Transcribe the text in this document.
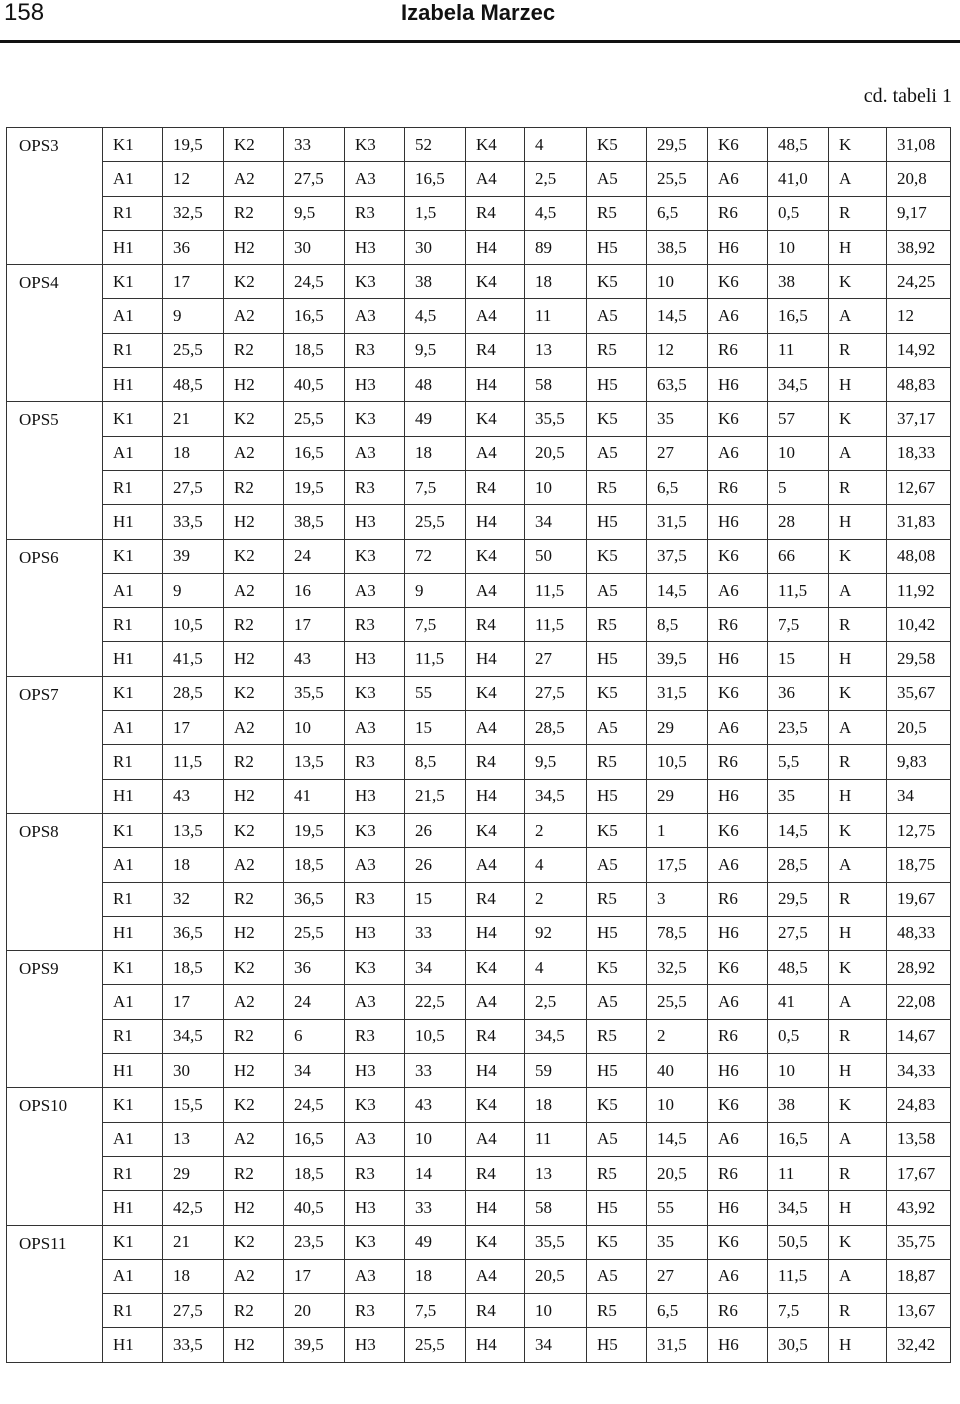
158	Izabela Marzec
cd. tabeli 1
OPS3	K1	19,5	K2	33	K3	52	K4	4	K5	29,5	K6	48,5	K	31,08
	A1	12	A2	27,5	A3	16,5	A4	2,5	A5	25,5	A6	41,0	A	20,8
	R1	32,5	R2	9,5	R3	1,5	R4	4,5	R5	6,5	R6	0,5	R	9,17
	H1	36	H2	30	H3	30	H4	89	H5	38,5	H6	10	H	38,92
OPS4	K1	17	K2	24,5	K3	38	K4	18	K5	10	K6	38	K	24,25
	A1	9	A2	16,5	A3	4,5	A4	11	A5	14,5	A6	16,5	A	12
	R1	25,5	R2	18,5	R3	9,5	R4	13	R5	12	R6	11	R	14,92
	H1	48,5	H2	40,5	H3	48	H4	58	H5	63,5	H6	34,5	H	48,83
OPS5	K1	21	K2	25,5	K3	49	K4	35,5	K5	35	K6	57	K	37,17
	A1	18	A2	16,5	A3	18	A4	20,5	A5	27	A6	10	A	18,33
	R1	27,5	R2	19,5	R3	7,5	R4	10	R5	6,5	R6	5	R	12,67
	H1	33,5	H2	38,5	H3	25,5	H4	34	H5	31,5	H6	28	H	31,83
OPS6	K1	39	K2	24	K3	72	K4	50	K5	37,5	K6	66	K	48,08
	A1	9	A2	16	A3	9	A4	11,5	A5	14,5	A6	11,5	A	11,92
	R1	10,5	R2	17	R3	7,5	R4	11,5	R5	8,5	R6	7,5	R	10,42
	H1	41,5	H2	43	H3	11,5	H4	27	H5	39,5	H6	15	H	29,58
OPS7	K1	28,5	K2	35,5	K3	55	K4	27,5	K5	31,5	K6	36	K	35,67
	A1	17	A2	10	A3	15	A4	28,5	A5	29	A6	23,5	A	20,5
	R1	11,5	R2	13,5	R3	8,5	R4	9,5	R5	10,5	R6	5,5	R	9,83
	H1	43	H2	41	H3	21,5	H4	34,5	H5	29	H6	35	H	34
OPS8	K1	13,5	K2	19,5	K3	26	K4	2	K5	1	K6	14,5	K	12,75
	A1	18	A2	18,5	A3	26	A4	4	A5	17,5	A6	28,5	A	18,75
	R1	32	R2	36,5	R3	15	R4	2	R5	3	R6	29,5	R	19,67
	H1	36,5	H2	25,5	H3	33	H4	92	H5	78,5	H6	27,5	H	48,33
OPS9	K1	18,5	K2	36	K3	34	K4	4	K5	32,5	K6	48,5	K	28,92
	A1	17	A2	24	A3	22,5	A4	2,5	A5	25,5	A6	41	A	22,08
	R1	34,5	R2	6	R3	10,5	R4	34,5	R5	2	R6	0,5	R	14,67
	H1	30	H2	34	H3	33	H4	59	H5	40	H6	10	H	34,33
OPS10	K1	15,5	K2	24,5	K3	43	K4	18	K5	10	K6	38	K	24,83
	A1	13	A2	16,5	A3	10	A4	11	A5	14,5	A6	16,5	A	13,58
	R1	29	R2	18,5	R3	14	R4	13	R5	20,5	R6	11	R	17,67
	H1	42,5	H2	40,5	H3	33	H4	58	H5	55	H6	34,5	H	43,92
OPS11	K1	21	K2	23,5	K3	49	K4	35,5	K5	35	K6	50,5	K	35,75
	A1	18	A2	17	A3	18	A4	20,5	A5	27	A6	11,5	A	18,87
	R1	27,5	R2	20	R3	7,5	R4	10	R5	6,5	R6	7,5	R	13,67
	H1	33,5	H2	39,5	H3	25,5	H4	34	H5	31,5	H6	30,5	H	32,42
